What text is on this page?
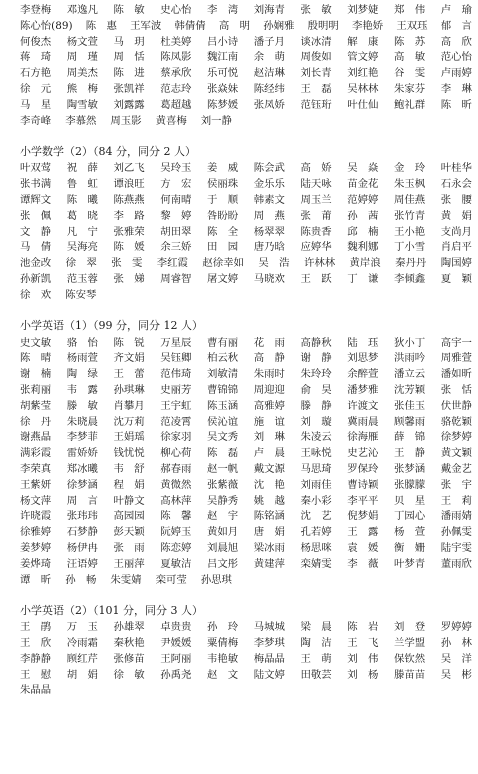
李登梅 邓逸凡 陈　敏 史心怡 李　湾 刘海青 张　敏 刘梦婕 郑　伟 卢　瑜
陈心怡(89) 陈　惠 王军波 韩倩倩 高　明 孙娴雅 殷明明 李艳娇 王双珏 郁　言
何俊杰 杨文萱 马　玥 杜美婷 吕小诗 潘子月 谈冰清 解　康 陈　苏 高　欣
蒋　琦 周　瑾 周　恬 陈凤影 魏江南 余　萌 周俊如 管文婷 高　敏 范心怡
石方艳 周美杰 陈　进 蔡承欣 乐可悦 赵洁琳 刘长青 刘红艳 谷　雯 卢雨婷
徐　元 熊　梅 张凯祥 范志玲 张焱妹 陈经纬 王　磊 吴林林 朱家芬 李　琳
马　星 陶雪敏 刘露露 葛超越 陈梦媛 张凤娇 范钰珩 叶仕仙 鲍礼群 陈　昕
李奇峰	李慕然	周玉影	黄喜梅	刘一静
小学数学（2）（84 分，同分 2 人）
叶双莺 祝　薛 刘乙飞 吴玲玉 姜　威 陈会武 高　娇 吴　焱 金　玲 叶桂华
张书满 鲁　虹 谭浪旺 方　宏 侯丽珠 金乐乐 陆天咏 苗金花 朱玉枫 石永会
谭辉文 陈　曦 陈燕燕 何南晴 于　顺 韩素文 周玉兰 范婷婷 周佳燕 张　腰
张　佩 葛　晓 李　路 黎　婷 咎盼盼 周　燕 张　莆 孙　茜 张竹青 黄　娟
文　静 凡　宁 张雅荣 胡田翠 陈　全 杨翠翠 陈贵香 邱　楠 王小艳 支尚月
马　倩 吴海亮 陈　媛 余三娇 田　园 唐乃晗 应婷华 魏利娜 丁小雪 肖启平
池金改 徐　翠 张　雯 李红霞 赵徐幸如 吴　浩 许林林 黄岸浪 秦丹丹 陶国婷
孙新凯 范玉蓉 张　娣 周睿智 屠文婷 马晓欢 王　跃 丁　谦 李倾鑫 夏　颖
徐　欢	陈安琴
小学英语（1）（99 分，同分 12 人）
史文敏 骆　怡 陈　锐 万星辰 曹有丽 花　雨 高静秋 陆　珏 狄小丁 高宇一
陈　晴 杨雨萱 齐文娟 吴钰卿 柏云秋 高　静 谢　静 刘思梦 洪雨吟 周雅萱
谢　楠 陶　绿 王　蕾 范伟琦 刘敏清 朱雨时 朱玲玲 余醉萱 潘立云 潘如昕
张莉丽 韦　露 孙琪琳 史丽芳 曹锦锦 周迎迎 俞　昊 潘梦雅 沈芳颖 张　恬
胡紫莹 滕　敏 肖攀月 王宇虹 陈玉涵 高雅婷 滕　静 许渡文 张佳玉 伏世静
徐　丹 朱晓晨 沈万莉 范凌霄 侯沁谊 施　谊 刘　璇 冀雨晨 顾馨雨 骆乾颖
谢燕晶 李梦菲 王娟瑶 徐家羽 吴文秀 刘　琳 朱凌云 徐海雁 薛　锦 徐梦婷
满彩霞 雷娇娇 钱忧悦 柳心荷 陈　磊 卢　晨 王咏悦 史艺沁 王　静 黄文颖
李荣真 郑冰曦 韦　舒 郝春雨 赵一帆 戴文源 马思琦 罗保玲 张梦涵 戴金艺
王紫妍 徐梦涵 程　娟 黄微然 张紫薇 沈　艳 刘雨佳 曹诗颖 张朦朦 张　宇
杨文萍 周　言 叶静文 高林萍 吴静秀 姚　越 秦小彩 李平平 贝　星 王　莉
许晓霞 张玮玮 高园园 陈　馨 赵　宇 陈铭涵 沈　艺 倪梦娟 丁园心 潘雨婧
徐雅婷 石梦静 彭天颖 阮婷玉 黄如月 唐　娟 孔若婷 王　露 杨　萱 孙佩雯
姜梦婷 杨伊冉 张　雨 陈恋婷 刘晨旭 梁冰雨 杨思咪 袁　媛 衡　姗 陆宇雯
姜烨琦 汪语婷 王丽萍 夏敏洁 吕文彤 黄建萍 栾婧雯 李　薇 叶梦青 董雨欣
谭　昕	孙　畅	朱雯婧	栾可莹	孙思琪
小学英语（2）（101 分，同分 3 人）
王　鹃 万　玉 孙雄翠 卓贵贵 孙　玲 马城城 梁　晨 陈　岩 刘　登 罗婷婷
王　欣 冷雨霜 秦秋艳 尹媛媛 粟倩梅 李梦琪 陶　洁 王　飞 兰学盟 孙　林
李静静 顾红芹 张修苗 王阿丽 韦艳敏 梅晶晶 王　萌 刘　伟 保钦然 吴　洋
王　慰 胡　娟 徐　敏 孙禹尧 赵　文 陆文婷 田敬芸 刘　杨 滕苗苗 吴　彬
朱晶晶
